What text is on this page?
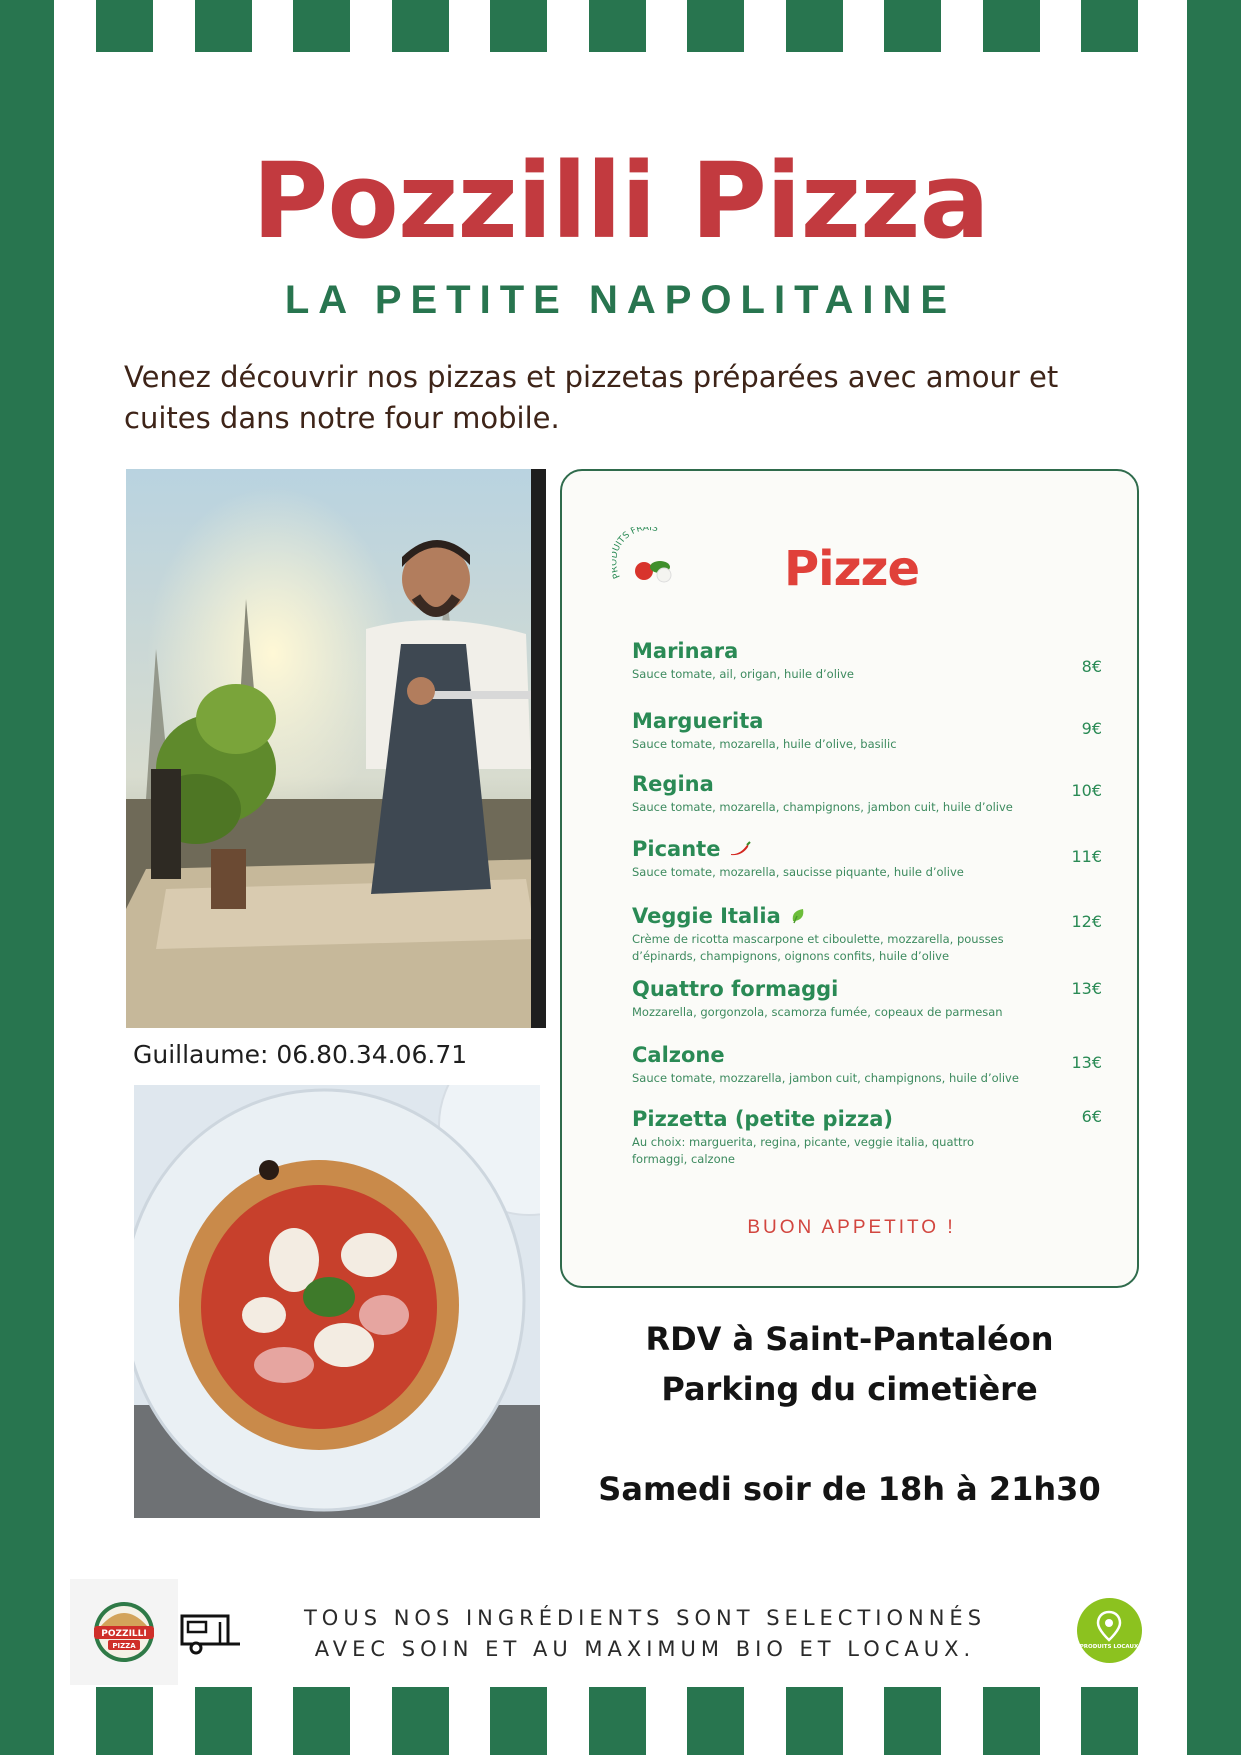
Pozzilli Pizza
LA PETITE NAPOLITAINE
Venez découvrir nos pizzas et pizzetas préparées avec amour et cuites dans notre four mobile.
Guillaume: 06.80.34.06.71
P UITS FRAIS
Pizze
Marinara
Sauce tomate, ail, origan, huile d’olive	8€
Marguerita
Sauce tomate, mozarella, huile d’olive, basilic
9€
Regina
Sauce tomate, mozarella, champignons, jambon cuit, huile d’olive
10€
Picante
Sauce tomate, mozarella, saucisse piquante, huile d’olive
11€
Veggie Italia
Crème de ricotta mascarpone et ciboulette, mozzarella, pousses d’épinards, champignons, oignons confits, huile d’olive
12€
Quattro formaggi
Mozzarella, gorgonzola, scamorza fumée, copeaux de parmesan
13€
Calzone
Sauce tomate, mozzarella, jambon cuit, champignons, huile d’olive
13€
Pizzetta (petite pizza)
Au choix: marguerita, regina, picante, veggie italia, quattro formaggi, calzone
6€
BUON APPETITO !
RDV à Saint-Pantaléon
Parking du cimetière
Samedi soir de 18h à 21h30
POZZILLI
PIZZA
TOUS NOS INGRÉDIENTS SONT SELECTIONNÉS
AVEC SOIN ET AU MAXIMUM BIO ET LOCAUX.	PRODUITS LOCAUX
